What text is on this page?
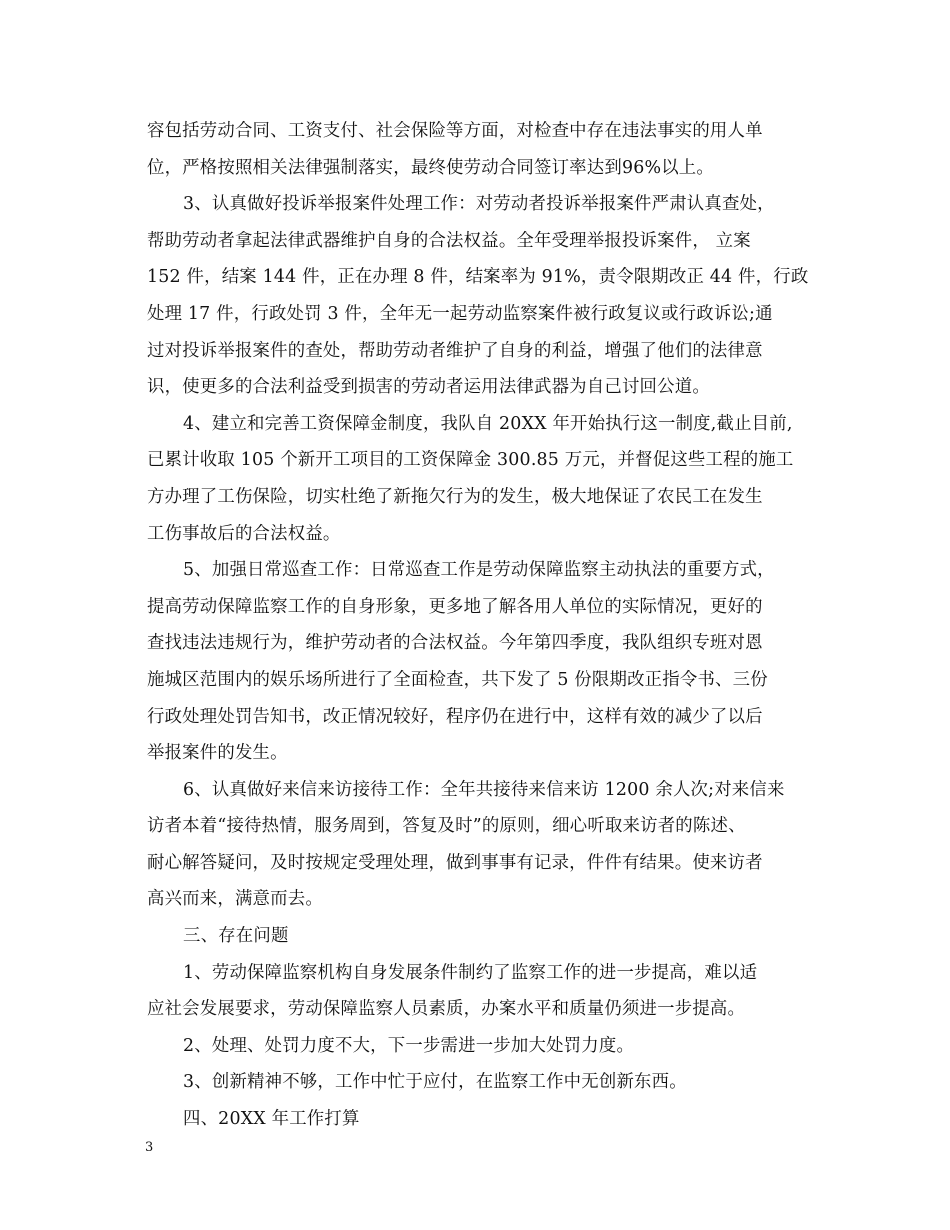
容包括劳动合同、工资支付、社会保险等方面，对检查中存在违法事实的用人单
位，严格按照相关法律强制落实，最终使劳动合同签订率达到96%以上。
3、认真做好投诉举报案件处理工作：对劳动者投诉举报案件严肃认真查处，
帮助劳动者拿起法律武器维护自身的合法权益。全年受理举报投诉案件， 立案
152 件，结案 144 件，正在办理 8 件，结案率为 91%，责令限期改正 44 件，行政
处理 17 件，行政处罚 3 件，全年无一起劳动监察案件被行政复议或行政诉讼;通
过对投诉举报案件的查处，帮助劳动者维护了自身的利益，增强了他们的法律意
识，使更多的合法利益受到损害的劳动者运用法律武器为自己讨回公道。
4、建立和完善工资保障金制度，我队自 20XX 年开始执行这一制度,截止目前,
已累计收取 105 个新开工项目的工资保障金 300.85 万元，并督促这些工程的施工
方办理了工伤保险，切实杜绝了新拖欠行为的发生，极大地保证了农民工在发生
工伤事故后的合法权益。
5、加强日常巡查工作：日常巡查工作是劳动保障监察主动执法的重要方式，
提高劳动保障监察工作的自身形象，更多地了解各用人单位的实际情况，更好的
查找违法违规行为，维护劳动者的合法权益。今年第四季度，我队组织专班对恩
施城区范围内的娱乐场所进行了全面检查，共下发了 5 份限期改正指令书、三份
行政处理处罚告知书，改正情况较好，程序仍在进行中，这样有效的减少了以后
举报案件的发生。
6、认真做好来信来访接待工作：全年共接待来信来访 1200 余人次;对来信来
访者本着“接待热情，服务周到，答复及时”的原则，细心听取来访者的陈述、
耐心解答疑问，及时按规定受理处理，做到事事有记录，件件有结果。使来访者
高兴而来，满意而去。
三、存在问题
1、劳动保障监察机构自身发展条件制约了监察工作的进一步提高，难以适
应社会发展要求，劳动保障监察人员素质，办案水平和质量仍须进一步提高。
2、处理、处罚力度不大，下一步需进一步加大处罚力度。
3、创新精神不够，工作中忙于应付，在监察工作中无创新东西。
四、20XX 年工作打算
3
